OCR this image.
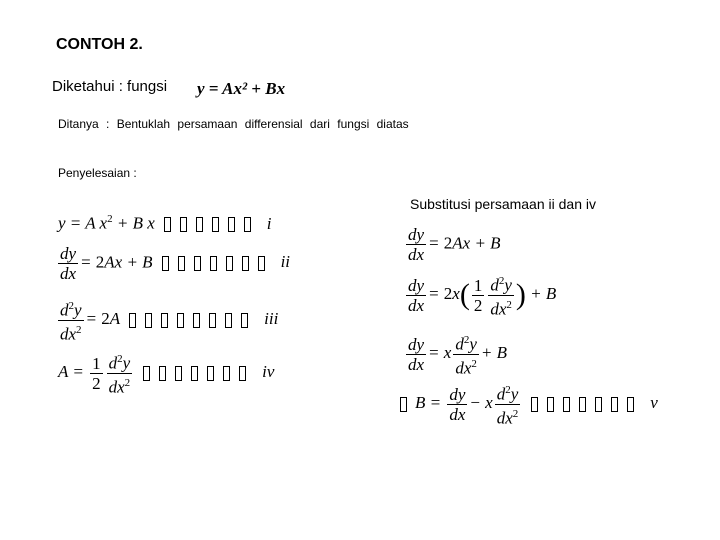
CONTOH 2.
Diketahui : fungsi y = Ax² + Bx
Ditanya : Bentuklah persamaan differensial dari fungsi diatas
Penyelesaian :
Substitusi persamaan ii dan iv
y = A $x^2 + B$ x	i
$\frac{dy}{dx} = 2Ax + B$	ii
$\frac{d^2y}{dx^2} = 2A$	iii
$A = \frac{1}{2} \frac{d^2y}{dx^2}$	iv
$\frac{dy}{dx} = 2Ax + B$
$\frac{dy}{dx} = 2x( \frac{1}{2} \frac{d^2y}{dx^2}$ ) + B
$\frac{dy}{dx} = x \frac{d^2y}{dx^2} + B$
$B = \frac{dy}{dx} - x \frac{d^2y}{dx^2}$	v
